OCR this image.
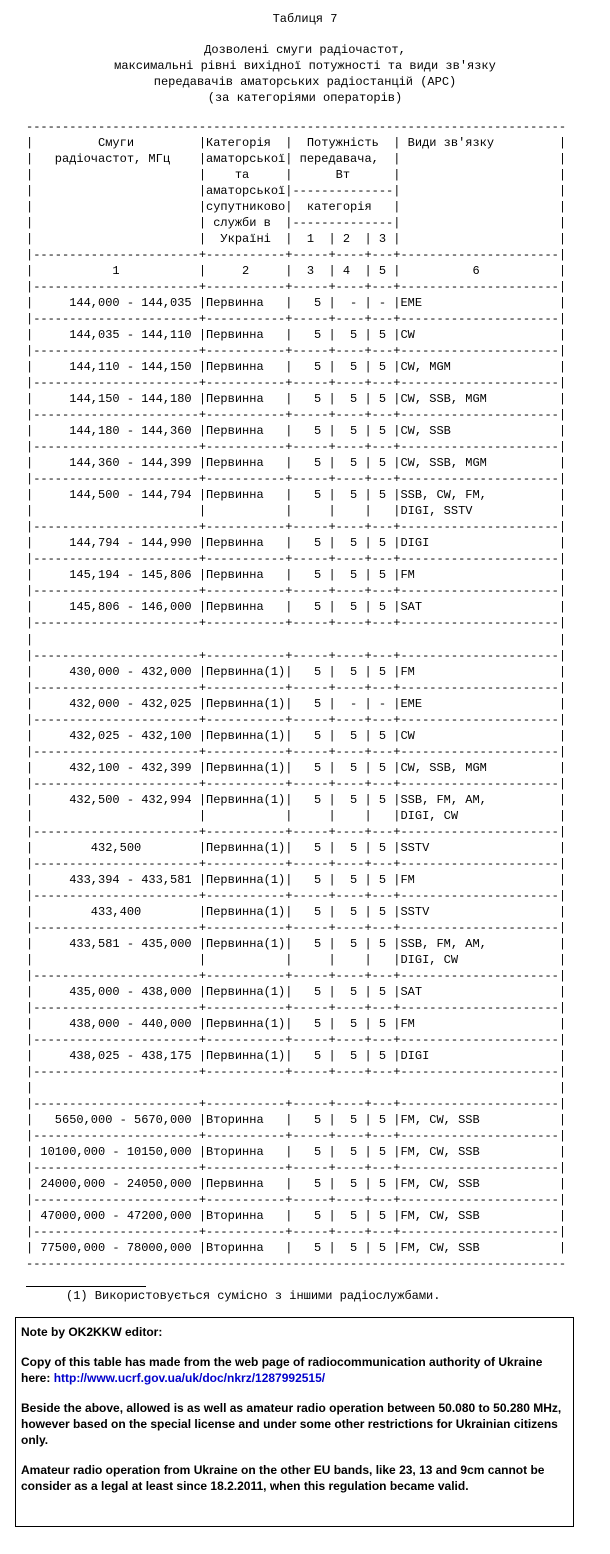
Таблиця 7
Дозволені смуги радіочастот,
максимальні рівні вихідної потужності та види зв'язку
передавачів аматорських радіостанцій (АРС)
(за категоріями операторів)
---------------------------------------------------------------------------
|         Смуги         |Категорія  |  Потужність  | Види зв'язку         |
|   радіочастот, МГц    |аматорської| передавача,  |                      |
|                       |    та     |      Вт      |                      |
|                       |аматорської|--------------|                      |
|                       |супутниково|  категорія   |                      |
|                       | служби в  |--------------|                      |
|                       |  Україні  |  1  | 2  | 3 |                      |
|-----------------------+-----------+-----+----+---+----------------------|
|           1           |     2     |  3  | 4  | 5 |          6           |
|-----------------------+-----------+-----+----+---+----------------------|
|     144,000 - 144,035 |Первинна   |   5 |  - | - |EME                   |
|-----------------------+-----------+-----+----+---+----------------------|
|     144,035 - 144,110 |Первинна   |   5 |  5 | 5 |CW                    |
|-----------------------+-----------+-----+----+---+----------------------|
|     144,110 - 144,150 |Первинна   |   5 |  5 | 5 |CW, MGM               |
|-----------------------+-----------+-----+----+---+----------------------|
|     144,150 - 144,180 |Первинна   |   5 |  5 | 5 |CW, SSB, MGM          |
|-----------------------+-----------+-----+----+---+----------------------|
|     144,180 - 144,360 |Первинна   |   5 |  5 | 5 |CW, SSB               |
|-----------------------+-----------+-----+----+---+----------------------|
|     144,360 - 144,399 |Первинна   |   5 |  5 | 5 |CW, SSB, MGM          |
|-----------------------+-----------+-----+----+---+----------------------|
|     144,500 - 144,794 |Первинна   |   5 |  5 | 5 |SSB, CW, FM,          |
|                       |           |     |    |   |DIGI, SSTV            |
|-----------------------+-----------+-----+----+---+----------------------|
|     144,794 - 144,990 |Первинна   |   5 |  5 | 5 |DIGI                  |
|-----------------------+-----------+-----+----+---+----------------------|
|     145,194 - 145,806 |Первинна   |   5 |  5 | 5 |FM                    |
|-----------------------+-----------+-----+----+---+----------------------|
|     145,806 - 146,000 |Первинна   |   5 |  5 | 5 |SAT                   |
|-----------------------+-----------+-----+----+---+----------------------|
|                                                                         |
|-----------------------+-----------+-----+----+---+----------------------|
|     430,000 - 432,000 |Первинна(1)|   5 |  5 | 5 |FM                    |
|-----------------------+-----------+-----+----+---+----------------------|
|     432,000 - 432,025 |Первинна(1)|   5 |  - | - |EME                   |
|-----------------------+-----------+-----+----+---+----------------------|
|     432,025 - 432,100 |Первинна(1)|   5 |  5 | 5 |CW                    |
|-----------------------+-----------+-----+----+---+----------------------|
|     432,100 - 432,399 |Первинна(1)|   5 |  5 | 5 |CW, SSB, MGM          |
|-----------------------+-----------+-----+----+---+----------------------|
|     432,500 - 432,994 |Первинна(1)|   5 |  5 | 5 |SSB, FM, AM,          |
|                       |           |     |    |   |DIGI, CW              |
|-----------------------+-----------+-----+----+---+----------------------|
|        432,500        |Первинна(1)|   5 |  5 | 5 |SSTV                  |
|-----------------------+-----------+-----+----+---+----------------------|
|     433,394 - 433,581 |Первинна(1)|   5 |  5 | 5 |FM                    |
|-----------------------+-----------+-----+----+---+----------------------|
|        433,400        |Первинна(1)|   5 |  5 | 5 |SSTV                  |
|-----------------------+-----------+-----+----+---+----------------------|
|     433,581 - 435,000 |Первинна(1)|   5 |  5 | 5 |SSB, FM, AM,          |
|                       |           |     |    |   |DIGI, CW              |
|-----------------------+-----------+-----+----+---+----------------------|
|     435,000 - 438,000 |Первинна(1)|   5 |  5 | 5 |SAT                   |
|-----------------------+-----------+-----+----+---+----------------------|
|     438,000 - 440,000 |Первинна(1)|   5 |  5 | 5 |FM                    |
|-----------------------+-----------+-----+----+---+----------------------|
|     438,025 - 438,175 |Первинна(1)|   5 |  5 | 5 |DIGI                  |
|-----------------------+-----------+-----+----+---+----------------------|
|                                                                         |
|-----------------------+-----------+-----+----+---+----------------------|
|   5650,000 - 5670,000 |Вторинна   |   5 |  5 | 5 |FM, CW, SSB           |
|-----------------------+-----------+-----+----+---+----------------------|
| 10100,000 - 10150,000 |Вторинна   |   5 |  5 | 5 |FM, CW, SSB           |
|-----------------------+-----------+-----+----+---+----------------------|
| 24000,000 - 24050,000 |Первинна   |   5 |  5 | 5 |FM, CW, SSB           |
|-----------------------+-----------+-----+----+---+----------------------|
| 47000,000 - 47200,000 |Вторинна   |   5 |  5 | 5 |FM, CW, SSB           |
|-----------------------+-----------+-----+----+---+----------------------|
| 77500,000 - 78000,000 |Вторинна   |   5 |  5 | 5 |FM, CW, SSB           |
---------------------------------------------------------------------------
(1) Використовується сумісно з іншими радіослужбами.

Note by OK2KKW editor:

Copy of this table has made from the web page of radiocommunication authority of Ukraine here: http://www.ucrf.gov.ua/uk/doc/nkrz/1287992515/

Beside the above, allowed is as well as amateur radio operation between 50.080 to 50.280 MHz, however based on the special license and under some other restrictions for Ukrainian citizens only.

Amateur radio operation from Ukraine on the other EU bands, like 23, 13 and 9cm cannot be consider as a legal at least since 18.2.2011, when this regulation became valid.
